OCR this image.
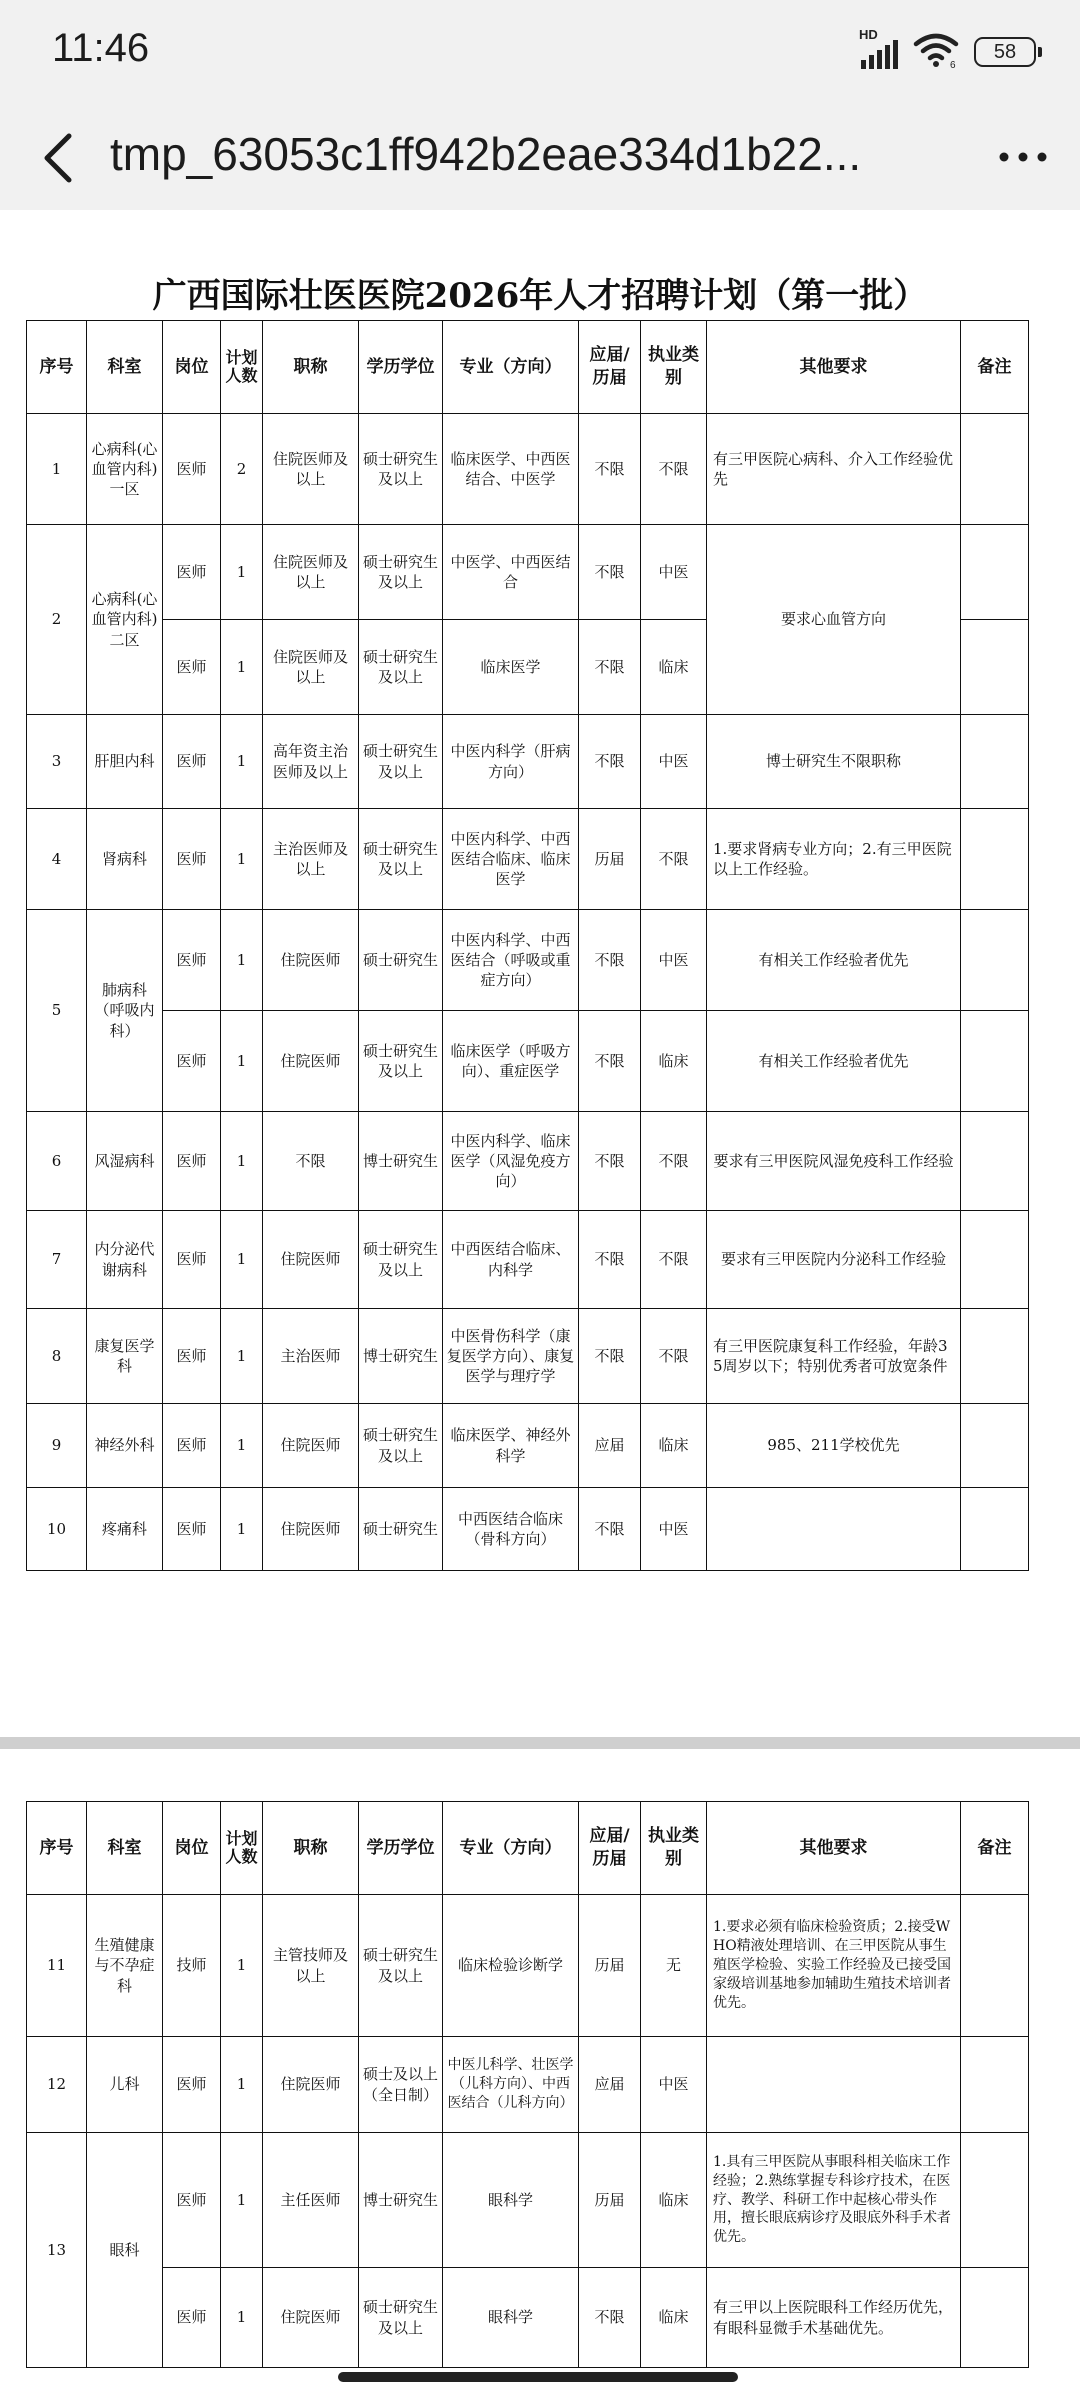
11:46	HD
6
58
tmp_63053c1ff942b2eae334d1b22...
广西国际壮医医院2026年人才招聘计划（第一批）
序号	科室	岗位	计划人数	职称	学历学位	专业（方向）	应届/历届	执业类别	其他要求	备注
1	心病科(心血管内科)一区	医师	2	住院医师及以上	硕士研究生及以上	临床医学、中西医结合、中医学	不限	不限	有三甲医院心病科、介入工作经验优先	
2	心病科(心血管内科)二区	医师	1	住院医师及以上	硕士研究生及以上	中医学、中西医结合	不限	中医	要求心血管方向	
		医师	1	住院医师及以上	硕士研究生及以上	临床医学	不限	临床		
3	肝胆内科	医师	1	高年资主治医师及以上	硕士研究生及以上	中医内科学（肝病方向）	不限	中医	博士研究生不限职称	
4	肾病科	医师	1	主治医师及以上	硕士研究生及以上	中医内科学、中西医结合临床、临床医学	历届	不限	1.要求肾病专业方向；2.有三甲医院以上工作经验。	
5	肺病科（呼吸内科）	医师	1	住院医师	硕士研究生	中医内科学、中西医结合（呼吸或重症方向）	不限	中医	有相关工作经验者优先	
		医师	1	住院医师	硕士研究生及以上	临床医学（呼吸方向）、重症医学	不限	临床	有相关工作经验者优先	
6	风湿病科	医师	1	不限	博士研究生	中医内科学、临床医学（风湿免疫方向）	不限	不限	要求有三甲医院风湿免疫科工作经验	
7	内分泌代谢病科	医师	1	住院医师	硕士研究生及以上	中西医结合临床、内科学	不限	不限	要求有三甲医院内分泌科工作经验	
8	康复医学科	医师	1	主治医师	博士研究生	中医骨伤科学（康复医学方向）、康复医学与理疗学	不限	不限	有三甲医院康复科工作经验，年龄35周岁以下；特别优秀者可放宽条件	
9	神经外科	医师	1	住院医师	硕士研究生及以上	临床医学、神经外科学	应届	临床	985、211学校优先	
10	疼痛科	医师	1	住院医师	硕士研究生	中西医结合临床（骨科方向）	不限	中医		
序号	科室	岗位	计划人数	职称	学历学位	专业（方向）	应届/历届	执业类别	其他要求	备注
11	生殖健康与不孕症科	技师	1	主管技师及以上	硕士研究生及以上	临床检验诊断学	历届	无	1.要求必须有临床检验资质；2.接受WHO精液处理培训、在三甲医院从事生殖医学检验、实验工作经验及已接受国家级培训基地参加辅助生殖技术培训者优先。	
12	儿科	医师	1	住院医师	硕士及以上（全日制）	中医儿科学、壮医学（儿科方向）、中西医结合（儿科方向）	应届	中医		
13	眼科	医师	1	主任医师	博士研究生	眼科学	历届	临床	1.具有三甲医院从事眼科相关临床工作经验；2.熟练掌握专科诊疗技术，在医疗、教学、科研工作中起核心带头作用，擅长眼底病诊疗及眼底外科手术者优先。	
		医师	1	住院医师	硕士研究生及以上	眼科学	不限	临床	有三甲以上医院眼科工作经历优先，有眼科显微手术基础优先。	
